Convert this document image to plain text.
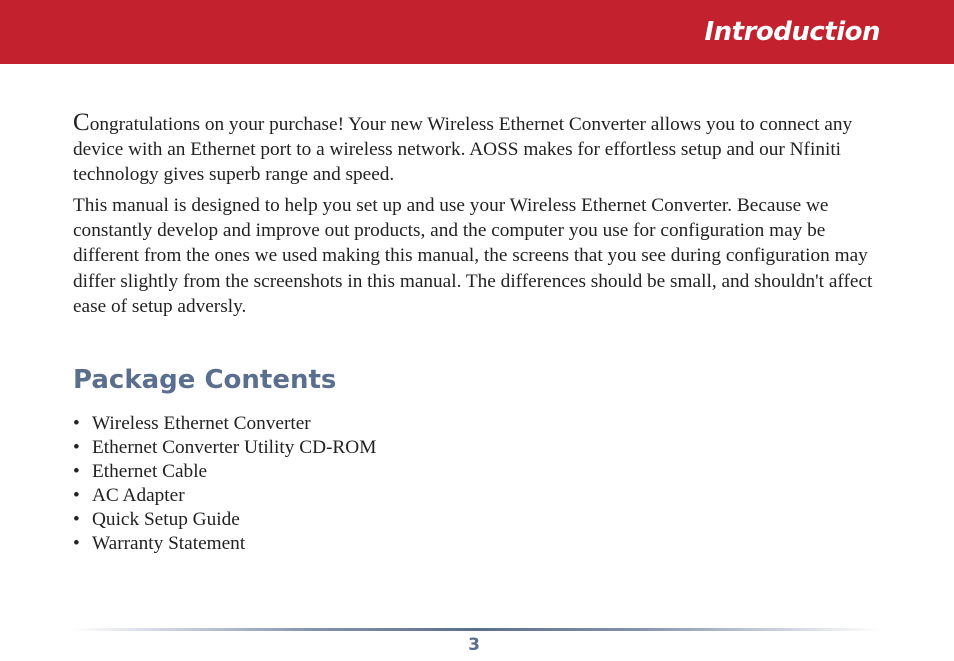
Introduction

Congratulations on your purchase! Your new Wireless Ethernet Converter allows you to connect any device with an Ethernet port to a wireless network. AOSS makes for effortless setup and our Nfiniti technology gives superb range and speed.

This manual is designed to help you set up and use your Wireless Ethernet Converter. Because we constantly develop and improve out products, and the computer you use for configuration may be different from the ones we used making this manual, the screens that you see during configuration may differ slightly from the screenshots in this manual. The differences should be small, and shouldn't affect ease of setup adversly.

Package Contents
• Wireless Ethernet Converter
• Ethernet Converter Utility CD-ROM
• Ethernet Cable
• AC Adapter
• Quick Setup Guide
• Warranty Statement
3
